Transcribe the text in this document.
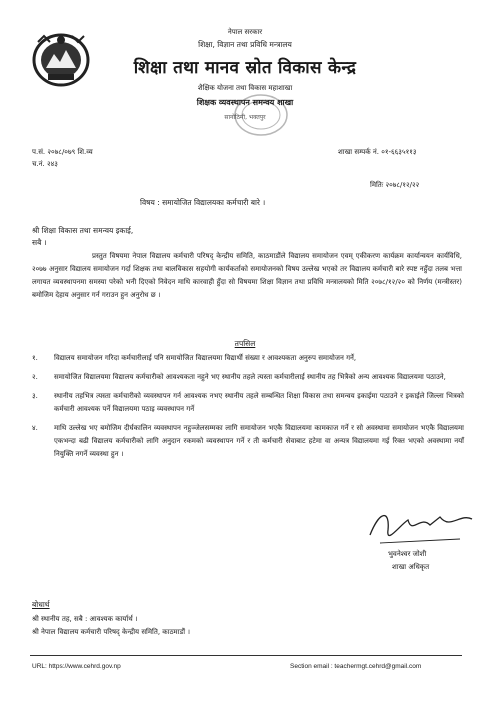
नेपाल सरकार
शिक्षा, विज्ञान तथा प्रविधि मन्त्रालय
शिक्षा तथा मानव स्रोत विकास केन्द्र
शैक्षिक योजना तथा विकास महाशाखा
शिक्षक व्यवस्थापन समन्वय शाखा
सानोठिमी, भक्तपुर
प.सं. २०७८/०७९ शि.व्य
च.नं. २४३
शाखा सम्पर्क नं. ०१-६६३५११३
मितिः २०७८/१२/२२
विषय : समायोजित विद्यालयका कर्मचारी बारे ।
श्री शिक्षा विकास तथा समन्वय इकाई,
सबै ।
प्रस्तुत विषयमा नेपाल विद्यालय कर्मचारी परिषद् केन्द्रीय समिति, काठमाडौंले विद्यालय समायोजन एवम् एकीकरण कार्यक्रम कार्यान्वयन कार्यविधि, २०७७ अनुसार विद्यालय समायोजन गर्दा शिक्षक तथा बालविकास सहयोगी कार्यकर्ताको समायोजनको विषय उल्लेख भएको तर विद्यालय कर्मचारी बारे स्पष्ट नहुँदा तलब भत्ता लगायत व्यवस्थापनमा समस्या परेको भनी दिएको निवेदन माथि कारवाही हुँदा सो विषयमा शिक्षा विज्ञान तथा प्रविधि मन्त्रालयको मिति २०७८/१२/२० को निर्णय (मन्त्रीस्तर) बमोजिम देहाय अनुसार गर्न गराउन हुन अनुरोध छ ।
तपसिल
१.	विद्यालय समायोजन गरिदा कर्मचारीलाई पनि समायोजित विद्यालयमा विद्यार्थी संख्या र आवश्यकता अनुरुप समायोजन गर्ने,
२.	समायोजित विद्यालयमा विद्यालय कर्मचारीको आवश्यकता नहुने भए स्थानीय तहले त्यस्ता कर्मचारीलाई स्थानीय तह भित्रैको अन्य आवश्यक विद्यालयमा पठाउने,
३.	स्थानीय तहभित्र त्यस्ता कर्मचारीको व्यवस्थापन गर्न आवश्यक नभए स्थानीय तहले सम्बन्धित शिक्षा विकास तथा समन्वय इकाईमा पठाउने र इकाईले जिल्ला भित्रको कर्मचारी आवश्यक पर्ने विद्यालयमा पठाइ व्यवस्थापन गर्ने
४.	माथि उल्लेख भए बमोजिम दीर्घकालिन व्यवस्थापन नहुञ्जेलसम्मका लागि समायोजन भएकै विद्यालयमा कामकाज गर्ने र सो अवस्थामा समायोजन भएकै विद्यालयमा एकभन्दा बढी विद्यालय कर्मचारीको लागि अनुदान रकमको व्यवस्थापन गर्ने र ती कर्मचारी सेवाबाट हटेमा वा अन्यत्र विद्यालयमा गई रिक्त भएको अवस्थामा नयाँ नियुक्ति नगर्ने व्यवस्था हुन ।
भुवनेश्वर जोशी
शाखा अधिकृत
बोधार्थ
श्री स्थानीय तह, सबै : आवश्यक कार्यार्थ ।
श्री नेपाल विद्यालय कर्मचारी परिषद् केन्द्रीय समिति, काठमाडौं ।
URL: https://www.cehrd.gov.np	Section email : teachermgt.cehrd@gmail.com
